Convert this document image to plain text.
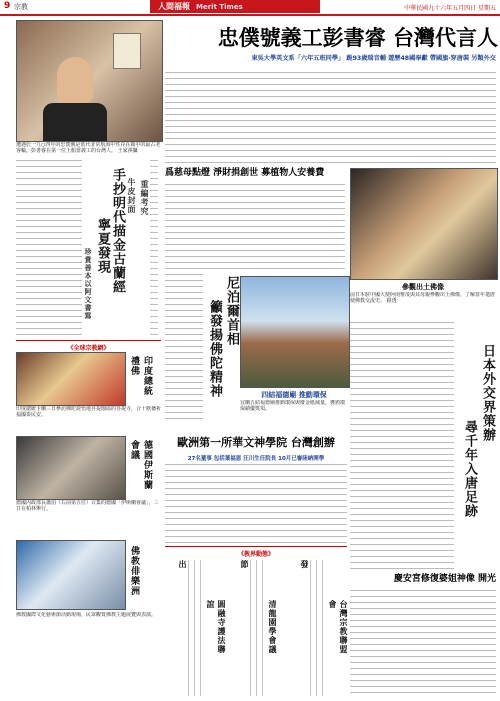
9 宗教	人間福報 Merit Times	中華民國九十六年五月四日 星期五
遭遇於一九○四年的忠僕號是當代非常航海中性存在做中的最古老客輪，彭書睿在第一位上船當義工的台灣人。 王家祺攝
忠僕號義工彭書睿 台灣代言人
東吳大學英文系「六年五班同學」 跪93歲瑞音輔 遊歷48國奉獻 帶國旗‧穿唐裝 另類外交
手抄明代描金古蘭經
寧夏發現
牛皮封面 重編考究
珍貴善本以阿文書寫
《全球宗教網》
印度總統禮佛
印度總統卡蘭三日參訪佛陀證悟地菩提伽耶的菩提寺，合十默禱祈福國泰民安。
德國伊斯蘭會議
德國內政部長蕭伯（右前第五位）召集的德國「伊斯蘭會議」，三日在柏林舉行。
佛教俳樂洲
佛教國際文化藝術節活動現場，民眾觀賞佛教主題展覽與表演。
爲慈母點燈 淨財捐創世 募植物人安養費
尼泊爾首相
籲發揚佛陀精神	四結福德廟 推動環保
宜蘭五結福德廟推動環保與廢金紙減量，獲頒環保績優獎項。
參觀出土佛像
前日本駐中國大使阿南惟茂與其母親參觀出土佛像，了解當年遣唐使佛教交流史。 路透
日本外交界策辦
尋千年入唐足跡
歐洲第一所華文神學院 台灣創辦
27名董事 包括葉福恩 汪川生任院長 10月已審陸納開學
《教界動態》
出
圓融寺護法聯誼
節
清龍園學會議
發
台灣宗教聯盟會
慶安宮修復婆姐神像 開光
